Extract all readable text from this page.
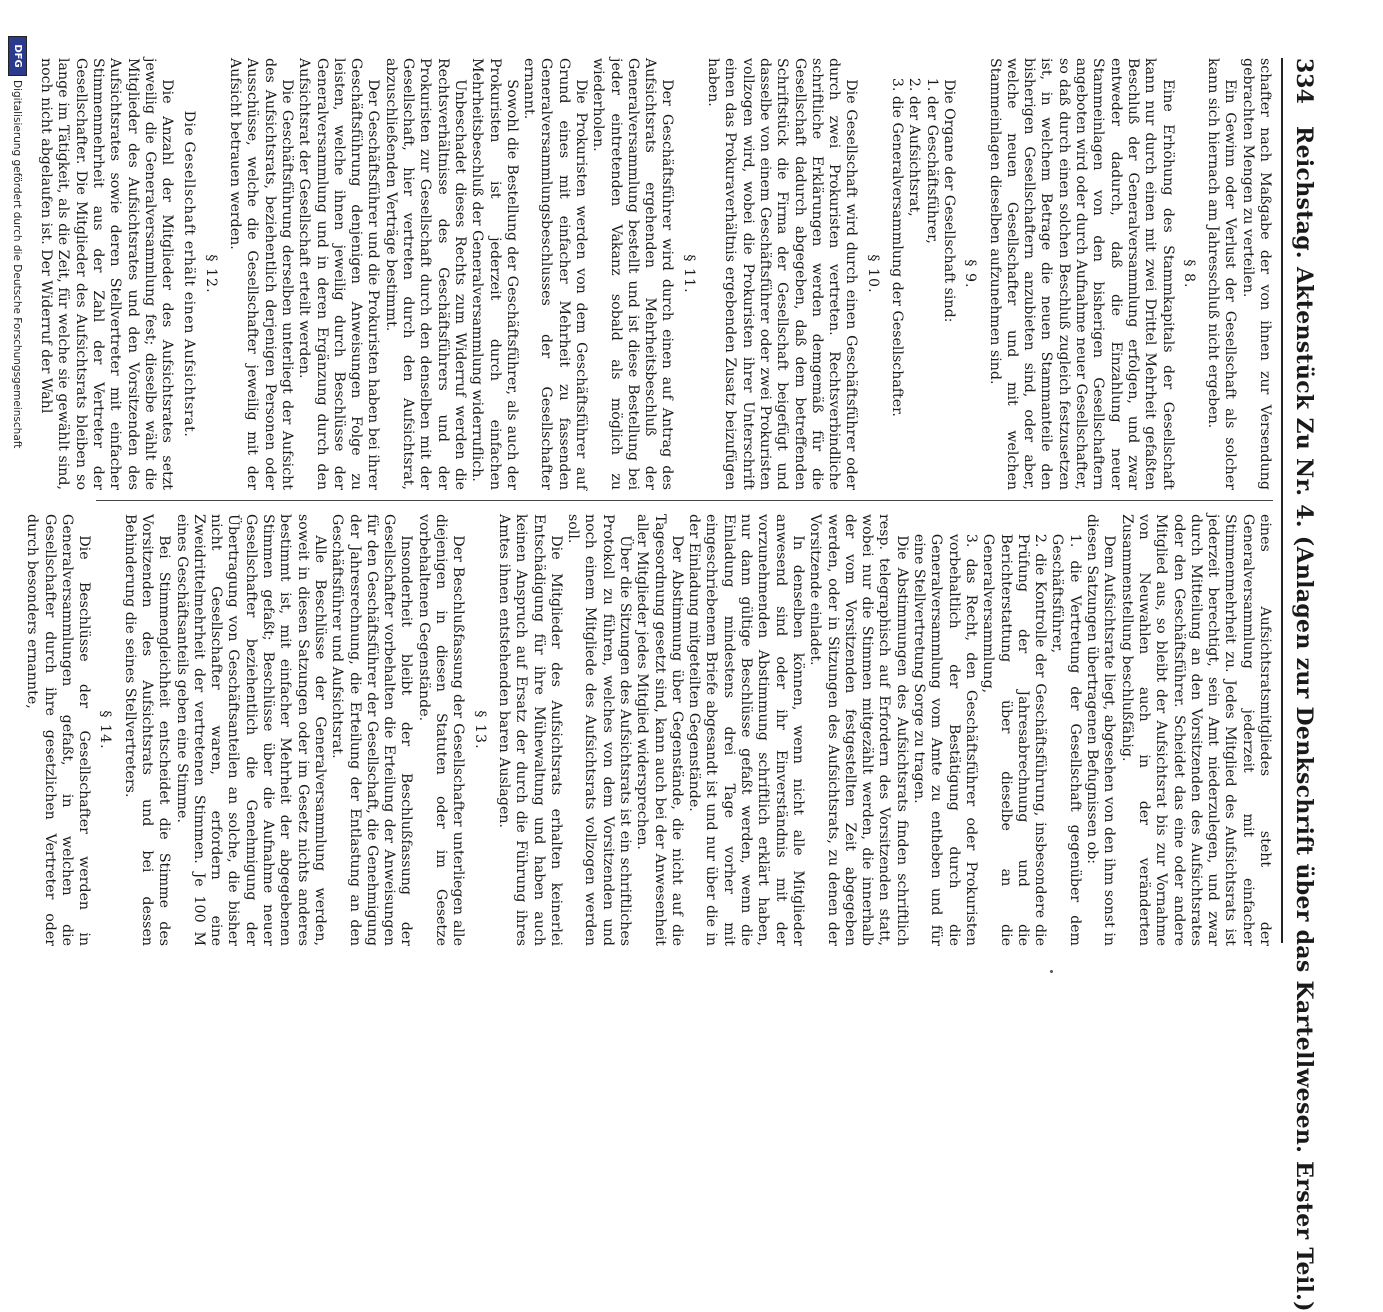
334
Reichstag. Aktenstück Zu Nr. 4. (Anlagen zur Denkschrift über das Kartellwesen. Erster Teil.)

schafter nach Maßgabe der von ihnen zur Versendung gebrachten Mengen zu verteilen.

Ein Gewinn oder Verlust der Gesellschaft als solcher kann sich hiernach am Jahresschluß nicht ergeben.

§ 8.

Eine Erhöhung des Stammkapitals der Gesellschaft kann nur durch einen mit zwei Drittel Mehrheit gefaßten Beschluß der Generalversammlung erfolgen, und zwar entweder dadurch, daß die Einzahlung neuer Stammeinlagen von den bisherigen Gesellschaftern angeboten wird oder durch Aufnahme neuer Gesellschafter, so daß durch einen solchen Beschluß zugleich festzusetzen ist, in welchem Betrage die neuen Stammanteile den bisherigen Gesellschaftern anzubieten sind, oder aber, welche neuen Gesellschafter und mit welchen Stammeinlagen dieselben aufzunehmen sind.

§ 9.

Die Organe der Gesellschaft sind:

1. der Geschäftsführer,

2. der Aufsichtsrat,

3. die Generalversammlung der Gesellschafter.

§ 10.

Die Gesellschaft wird durch einen Geschäftsführer oder durch zwei Prokuristen vertreten. Rechtsverbindliche schriftliche Erklärungen werden demgemäß für die Gesellschaft dadurch abgegeben, daß dem betreffenden Schriftstück die Firma der Gesellschaft beigefügt und dasselbe von einem Geschäftsführer oder zwei Prokuristen vollzogen wird, wobei die Prokuristen ihrer Unterschrift einen das Prokuraverhältnis ergebenden Zusatz beizufügen haben.

§ 11.

Der Geschäftsführer wird durch einen auf Antrag des Aufsichtsrats ergehenden Mehrheitsbeschluß der Generalversammlung bestellt und ist diese Bestellung bei jeder eintretenden Vakanz sobald als möglich zu wiederholen.

Die Prokuristen werden von dem Geschäftsführer auf Grund eines mit einfacher Mehrheit zu fassenden Generalversammlungsbeschlusses der Gesellschafter ernannt.

Sowohl die Bestellung der Geschäftsführer, als auch der Prokuristen ist jederzeit durch einfachen Mehrheitsbeschluß der Generalversammlung widerruflich.

Unbeschadet dieses Rechts zum Widerruf werden die Rechtsverhältnisse des Geschäftsführers und der Prokuristen zur Gesellschaft durch den denselben mit der Gesellschaft, hier vertreten durch den Aufsichtsrat, abzuschließenden Verträge bestimmt.

Der Geschäftsführer und die Prokuristen haben bei ihrer Geschäftsführung denjenigen Anweisungen Folge zu leisten, welche ihnen jeweilig durch Beschlüsse der Generalversammlung und in deren Ergänzung durch den Aufsichtsrat der Gesellschaft erteilt werden.

Die Geschäftsführung derselben unterliegt der Aufsicht des Aufsichtsrats, beziehentlich derjenigen Personen oder Ausschüsse, welche die Gesellschafter jeweilig mit der Aufsicht betrauen werden.

§ 12.
Die Gesellschaft erhält einen Aufsichtsrat.

Die Anzahl der Mitglieder des Aufsichtsrates setzt jeweilig die Generalversammlung fest; dieselbe wählt die Mitglieder des Aufsichtsrates und den Vorsitzenden des Aufsichtsrates sowie deren Stellvertreter mit einfacher Stimmenmehrheit aus der Zahl der Vertreter der Gesellschafter. Die Mitglieder des Aufsichtsrats bleiben so lange im Tätigkeit, als die Zeit, für welche sie gewählt sind, noch nicht abgelaufen ist. Der Widerruf der Wahl

eines Aufsichtsratsmitgliedes steht der Generalversammlung jederzeit mit einfacher Stimmenmehrheit zu. Jedes Mitglied des Aufsichtsrats ist jederzeit berechtigt, sein Amt niederzulegen, und zwar durch Mitteilung an den Vorsitzenden des Aufsichtsrates oder den Geschäftsführer. Scheidet das eine oder andere Mitglied aus, so bleibt der Aufsichtsrat bis zur Vornahme von Neuwahlen auch in der veränderten Zusammenstellung beschlußfähig.

Dem Aufsichtsrate liegt, abgesehen von den ihm sonst in diesen Satzungen übertragenen Befugnissen ob:

1. die Vertretung der Gesellschaft gegenüber dem Geschäftsführer,

2. die Kontrolle der Geschäftsführung, insbesondere die Prüfung der Jahresabrechnung und die Berichterstattung über dieselbe an die Generalversammlung,

3. das Recht, den Geschäftsführer oder Prokuristen vorbehaltlich der Bestätigung durch die Generalversammlung vom Amte zu entheben und für eine Stellvertretung Sorge zu tragen.

Die Abstimmungen des Aufsichtsrats finden schriftlich resp. telegraphisch auf Erfordern des Vorsitzenden statt, wobei nur die Stimmen mitgezählt werden, die innerhalb der vom Vorsitzenden festgestellten Zeit abgegeben werden, oder in Sitzungen des Aufsichtsrats, zu denen der Vorsitzende einladet.

In denselben können, wenn nicht alle Mitglieder anwesend sind oder ihr Einverständnis mit der vorzunehmenden Abstimmung schriftlich erklärt haben, nur dann gültige Beschlüsse gefaßt werden, wenn die Einladung mindestens drei Tage vorher mit eingeschriebenem Briefe abgesandt ist und nur über die in der Einladung mitgeteilten Gegenstände.

Der Abstimmung über Gegenstände, die nicht auf die Tagesordnung gesetzt sind, kann auch bei der Anwesenheit aller Mitglieder jedes Mitglied widersprechen.

Über die Sitzungen des Aufsichtsrats ist ein schriftliches Protokoll zu führen, welches von dem Vorsitzenden und noch einem Mitgliede des Aufsichtsrats vollzogen werden soll.

Die Mitglieder des Aufsichtsrats erhalten keinerlei Entschädigung für ihre Mühewaltung und haben auch keinen Anspruch auf Ersatz der durch die Führung ihres Amtes ihnen entstehenden baren Auslagen.

§ 13.

Der Beschlußfassung der Gesellschafter unterliegen alle diejenigen in diesen Statuten oder im Gesetze vorbehaltenen Gegenstände.

Insonderheit bleibt der Beschlußfassung der Gesellschafter vorbehalten die Erteilung der Anweisungen für den Geschäftsführer der Gesellschaft, die Genehmigung der Jahresrechnung, die Erteilung der Entlastung an den Geschäftsführer und Aufsichtsrat.

Alle Beschlüsse der Generalversammlung werden, soweit in diesen Satzungen oder im Gesetz nichts anderes bestimmt ist, mit einfacher Mehrheit der abgegebenen Stimmen gefaßt; Beschlüsse über die Aufnahme neuer Gesellschafter beziehentlich die Genehmigung der Übertragung von Geschäftsanteilen an solche, die bisher nicht Gesellschafter waren, erfordern eine Zweidrittelmehrheit der vertretenen Stimmen. Je 100 M eines Geschäftsanteils geben eine Stimme.

Bei Stimmengleichheit entscheidet die Stimme des Vorsitzenden des Aufsichtsrats und bei dessen Behinderung die seines Stellvertreters.

§ 14.

Die Beschlüsse der Gesellschafter werden in Generalversammlungen gefaßt, in welchen die Gesellschafter durch ihre gesetzlichen Vertreter oder durch besonders ernannte,

DFG
Digitalisierung gefördert durch die Deutsche Forschungsgemeinschaft
